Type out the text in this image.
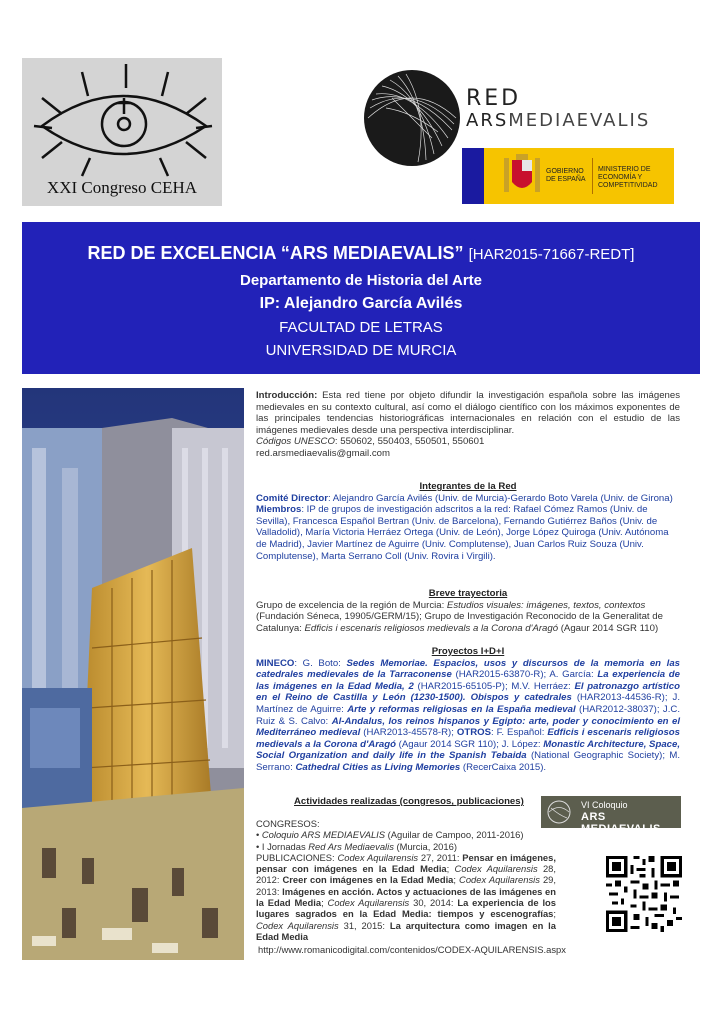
XXI Congreso CEHA
RED
ARSMEDIAEVALIS
GOBIERNO DE ESPAÑA
MINISTERIO DE ECONOMÍA Y COMPETITIVIDAD
RED DE EXCELENCIA “ARS MEDIAEVALIS” [HAR2015-71667-REDT]
Departamento de Historia del Arte
IP: Alejandro García Avilés
FACULTAD DE LETRAS
UNIVERSIDAD DE MURCIA
Introducción: Esta red tiene por objeto difundir la investigación española sobre las imágenes medievales en su contexto cultural, así como el diálogo científico con los máximos exponentes de las principales tendencias historiográficas internacionales en relación con el estudio de las imágenes medievales desde una perspectiva interdisciplinar.
Códigos UNESCO: 550602, 550403, 550501, 550601
red.arsmediaevalis@gmail.com
Integrantes de la Red
Comité Director: Alejandro García Avilés (Univ. de Murcia)-Gerardo Boto Varela (Univ. de Girona)
Miembros: IP de grupos de investigación adscritos a la red: Rafael Cómez Ramos (Univ. de Sevilla), Francesca Español Bertran (Univ. de Barcelona), Fernando Gutiérrez Baños (Univ. de Valladolid), María Victoria Herráez Ortega (Univ. de León), Jorge López Quiroga (Univ. Autónoma de Madrid), Javier Martínez de Aguirre (Univ. Complutense), Juan Carlos Ruiz Souza (Univ. Complutense), Marta Serrano Coll (Univ. Rovira i Virgili).
Breve trayectoria
Grupo de excelencia de la región de Murcia: Estudios visuales: imágenes, textos, contextos (Fundación Séneca, 19905/GERM/15); Grupo de Investigación Reconocido de la Generalitat de Catalunya: Edficis i escenaris religiosos medievals a la Corona d'Aragó (Agaur 2014 SGR 110)
Proyectos I+D+I
MINECO: G. Boto: Sedes Memoriae. Espacios, usos y discursos de la memoria en las catedrales medievales de la Tarraconense (HAR2015-63870-R); A. García: La experiencia de las imágenes en la Edad Media, 2 (HAR2015-65105-P); M.V. Herráez: El patronazgo artístico en el Reino de Castilla y León (1230-1500). Obispos y catedrales (HAR2013-44536-R); J. Martínez de Aguirre: Arte y reformas religiosas en la España medieval (HAR2012-38037); J.C. Ruiz & S. Calvo: Al-Andalus, los reinos hispanos y Egipto: arte, poder y conocimiento en el Mediterráneo medieval (HAR2013-45578-R); OTROS: F. Español: Edficis i escenaris religiosos medievals a la Corona d'Aragó (Agaur 2014 SGR 110); J. López: Monastic Architecture, Space, Social Organization and daily life in the Spanish Tebaida (National Geographic Society); M. Serrano: Cathedral Cities as Living Memories (RecerCaixa 2015).
Actividades realizadas (congresos, publicaciones)	VI Coloquio
ARS MEDIAEVALIS
CONGRESOS:
• Coloquio ARS MEDIAEVALIS (Aguilar de Campoo, 2011-2016)
• I Jornadas Red Ars Mediaevalis (Murcia, 2016)
PUBLICACIONES: Codex Aquilarensis 27, 2011: Pensar en imágenes, pensar con imágenes en la Edad Media; Codex Aquilarensis 28, 2012: Creer con imágenes en la Edad Media; Codex Aquilarensis 29, 2013: Imágenes en acción. Actos y actuaciones de las imágenes en la Edad Media; Codex Aquilarensis 30, 2014: La experiencia de los lugares sagrados en la Edad Media: tiempos y escenografías; Codex Aquilarensis 31, 2015: La arquitectura como imagen en la Edad Media
http://www.romanicodigital.com/contenidos/CODEX-AQUILARENSIS.aspx
